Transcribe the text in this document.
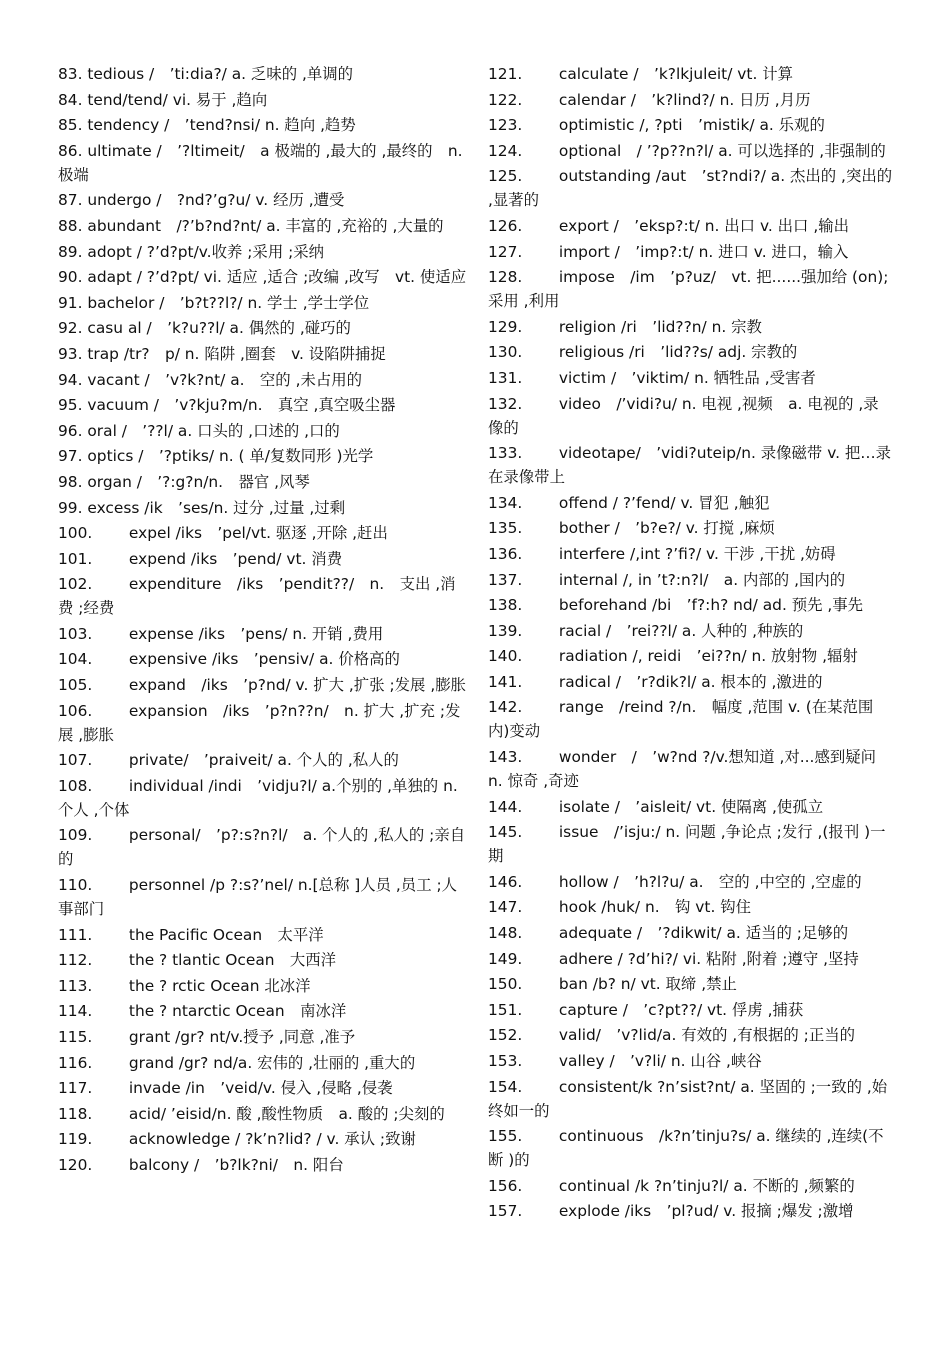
83. tedious /　’ti:dia?/ a. 乏味的 ,单调的
84. tend/tend/ vi. 易于 ,趋向
85. tendency /　’tend?nsi/ n. 趋向 ,趋势
86. ultimate /　’?ltimeit/　a 极端的 ,最大的 ,最终的　n. 极端
87. undergo /　?nd?’g?u/ v. 经历 ,遭受
88. abundant　/?’b?nd?nt/ a. 丰富的 ,充裕的 ,大量的
89. adopt / ?’d?pt/v.收养 ;采用 ;采纳
90. adapt / ?’d?pt/ vi. 适应 ,适合 ;改编 ,改写　vt. 使适应
91. bachelor /　’b?t??l?/ n. 学士 ,学士学位
92. casu al /　’k?u??l/ a. 偶然的 ,碰巧的
93. trap /tr?　p/ n. 陷阱 ,圈套　v. 设陷阱捕捉
94. vacant /　’v?k?nt/ a.　空的 ,未占用的
95. vacuum /　’v?kju?m/n.　真空 ,真空吸尘器
96. oral /　’??l/ a. 口头的 ,口述的 ,口的
97. optics /　’?ptiks/ n. ( 单/复数同形 )光学
98. organ /　’?:g?n/n.　器官 ,风琴
99. excess /ik　’ses/n. 过分 ,过量 ,过剩
100. expel /iks　’pel/vt. 驱逐 ,开除 ,赶出
101. expend /iks　’pend/ vt. 消费
102. expenditure　/iks　’pendit??/　n.　支出 ,消费 ;经费
103. expense /iks　’pens/ n. 开销 ,费用
104. expensive /iks　’pensiv/ a. 价格高的
105. expand　/iks　’p?nd/ v. 扩大 ,扩张 ;发展 ,膨胀
106. expansion　/iks　’p?n??n/　n. 扩大 ,扩充 ;发展 ,膨胀
107. private/　’praiveit/ a. 个人的 ,私人的
108. individual /indi　’vidju?l/ a.个别的 ,单独的 n.个人 ,个体
109. personal/　’p?:s?n?l/　a. 个人的 ,私人的 ;亲自的
110. personnel /p ?:s?’nel/ n.[总称 ]人员 ,员工 ;人事部门
111. the Pacific Ocean　太平洋
112. the ? tlantic Ocean　大西洋
113. the ? rctic Ocean 北冰洋
114. the ? ntarctic Ocean　南冰洋
115. grant /gr? nt/v.授予 ,同意 ,准予
116. grand /gr? nd/a. 宏伟的 ,壮丽的 ,重大的
117. invade /in　’veid/v. 侵入 ,侵略 ,侵袭
118. acid/ ’eisid/n. 酸 ,酸性物质　a. 酸的 ;尖刻的
119. acknowledge / ?k’n?lid? / v. 承认 ;致谢
120. balcony /　’b?lk?ni/　n. 阳台
121. calculate /　’k?lkjuleit/ vt. 计算
122. calendar /　’k?lind?/ n. 日历 ,月历
123. optimistic /, ?pti　’mistik/ a. 乐观的
124. optional　/ ’?p??n?l/ a. 可以选择的 ,非强制的
125. outstanding /aut　’st?ndi?/ a. 杰出的 ,突出的 ,显著的
126. export /　’eksp?:t/ n. 出口 v. 出口 ,输出
127. import /　’imp?:t/ n. 进口 v. 进口，输入
128. impose　/im　’p?uz/　vt. 把......强加给 (on); 采用 ,利用
129. religion /ri　’lid??n/ n. 宗教
130. religious /ri　’lid??s/ adj. 宗教的
131. victim /　’viktim/ n. 牺牲品 ,受害者
132. video　/’vidi?u/ n. 电视 ,视频　a. 电视的 ,录像的
133. videotape/　’vidi?uteip/n. 录像磁带 v. 把…录在录像带上
134. offend / ?’fend/ v. 冒犯 ,触犯
135. bother /　’b?e?/ v. 打搅 ,麻烦
136. interfere /,int ?’fi?/ v. 干涉 ,干扰 ,妨碍
137. internal /, in ’t?:n?l/　a. 内部的 ,国内的
138. beforehand /bi　’f?:h? nd/ ad. 预先 ,事先
139. racial /　’rei??l/ a. 人种的 ,种族的
140. radiation /, reidi　’ei??n/ n. 放射物 ,辐射
141. radical /　’r?dik?l/ a. 根本的 ,激进的
142. range　/reind ?/n.　幅度 ,范围 v. (在某范围内)变动
143. wonder　/　’w?nd ?/v.想知道 ,对...感到疑问　n. 惊奇 ,奇迹
144. isolate /　’aisleit/ vt. 使隔离 ,使孤立
145. issue　/’isju:/ n. 问题 ,争论点 ;发行 ,(报刊 )一期
146. hollow /　’h?l?u/ a.　空的 ,中空的 ,空虚的
147. hook /huk/ n.　钩 vt. 钩住
148. adequate /　’?dikwit/ a. 适当的 ;足够的
149. adhere / ?d’hi?/ vi. 粘附 ,附着 ;遵守 ,坚持
150. ban /b? n/ vt. 取缔 ,禁止
151. capture /　’c?pt??/ vt. 俘虏 ,捕获
152. valid/　’v?lid/a. 有效的 ,有根据的 ;正当的
153. valley /　’v?li/ n. 山谷 ,峡谷
154. consistent/k ?n’sist?nt/ a. 坚固的 ;一致的 ,始终如一的
155. continuous　/k?n’tinju?s/ a. 继续的 ,连续(不断 )的
156. continual /k ?n’tinju?l/ a. 不断的 ,频繁的
157. explode /iks　’pl?ud/ v. 报摘 ;爆发 ;激增
